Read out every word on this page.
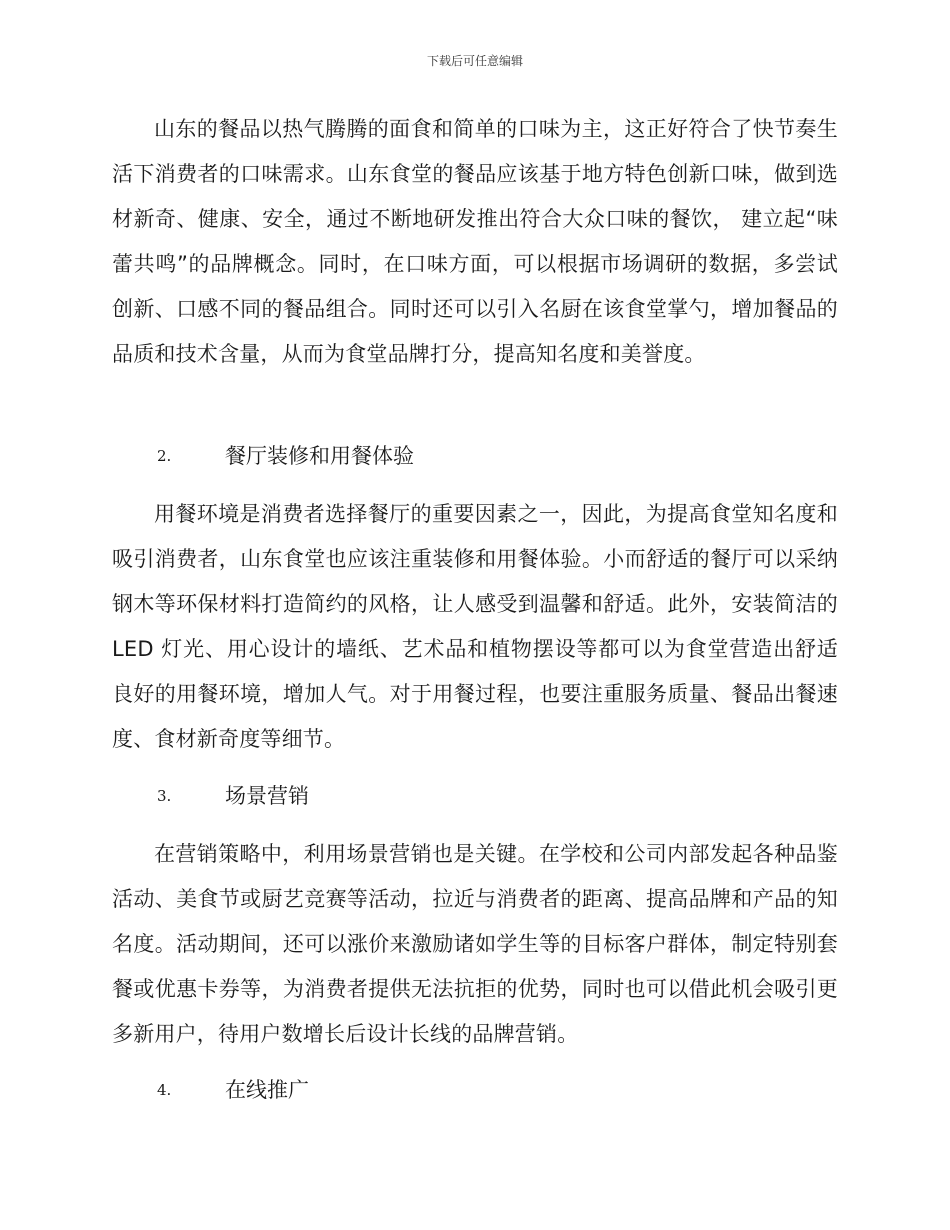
下载后可任意编辑

山东的餐品以热气腾腾的面食和简单的口味为主，这正好符合了快节奏生活下消费者的口味需求。山东食堂的餐品应该基于地方特色创新口味，做到选材新奇、健康、安全，通过不断地研发推出符合大众口味的餐饮， 建立起“味蕾共鸣”的品牌概念。同时，在口味方面，可以根据市场调研的数据，多尝试创新、口感不同的餐品组合。同时还可以引入名厨在该食堂掌勺，增加餐品的品质和技术含量，从而为食堂品牌打分，提高知名度和美誉度。

2.	餐厅装修和用餐体验

用餐环境是消费者选择餐厅的重要因素之一，因此，为提高食堂知名度和吸引消费者，山东食堂也应该注重装修和用餐体验。小而舒适的餐厅可以采纳钢木等环保材料打造简约的风格，让人感受到温馨和舒适。此外，安装简洁的 LED 灯光、用心设计的墙纸、艺术品和植物摆设等都可以为食堂营造出舒适良好的用餐环境，增加人气。对于用餐过程，也要注重服务质量、餐品出餐速度、食材新奇度等细节。

3.	场景营销

在营销策略中，利用场景营销也是关键。在学校和公司内部发起各种品鉴活动、美食节或厨艺竞赛等活动，拉近与消费者的距离、提高品牌和产品的知名度。活动期间，还可以涨价来激励诸如学生等的目标客户群体，制定特别套餐或优惠卡券等，为消费者提供无法抗拒的优势，同时也可以借此机会吸引更多新用户，待用户数增长后设计长线的品牌营销。

4.	在线推广
